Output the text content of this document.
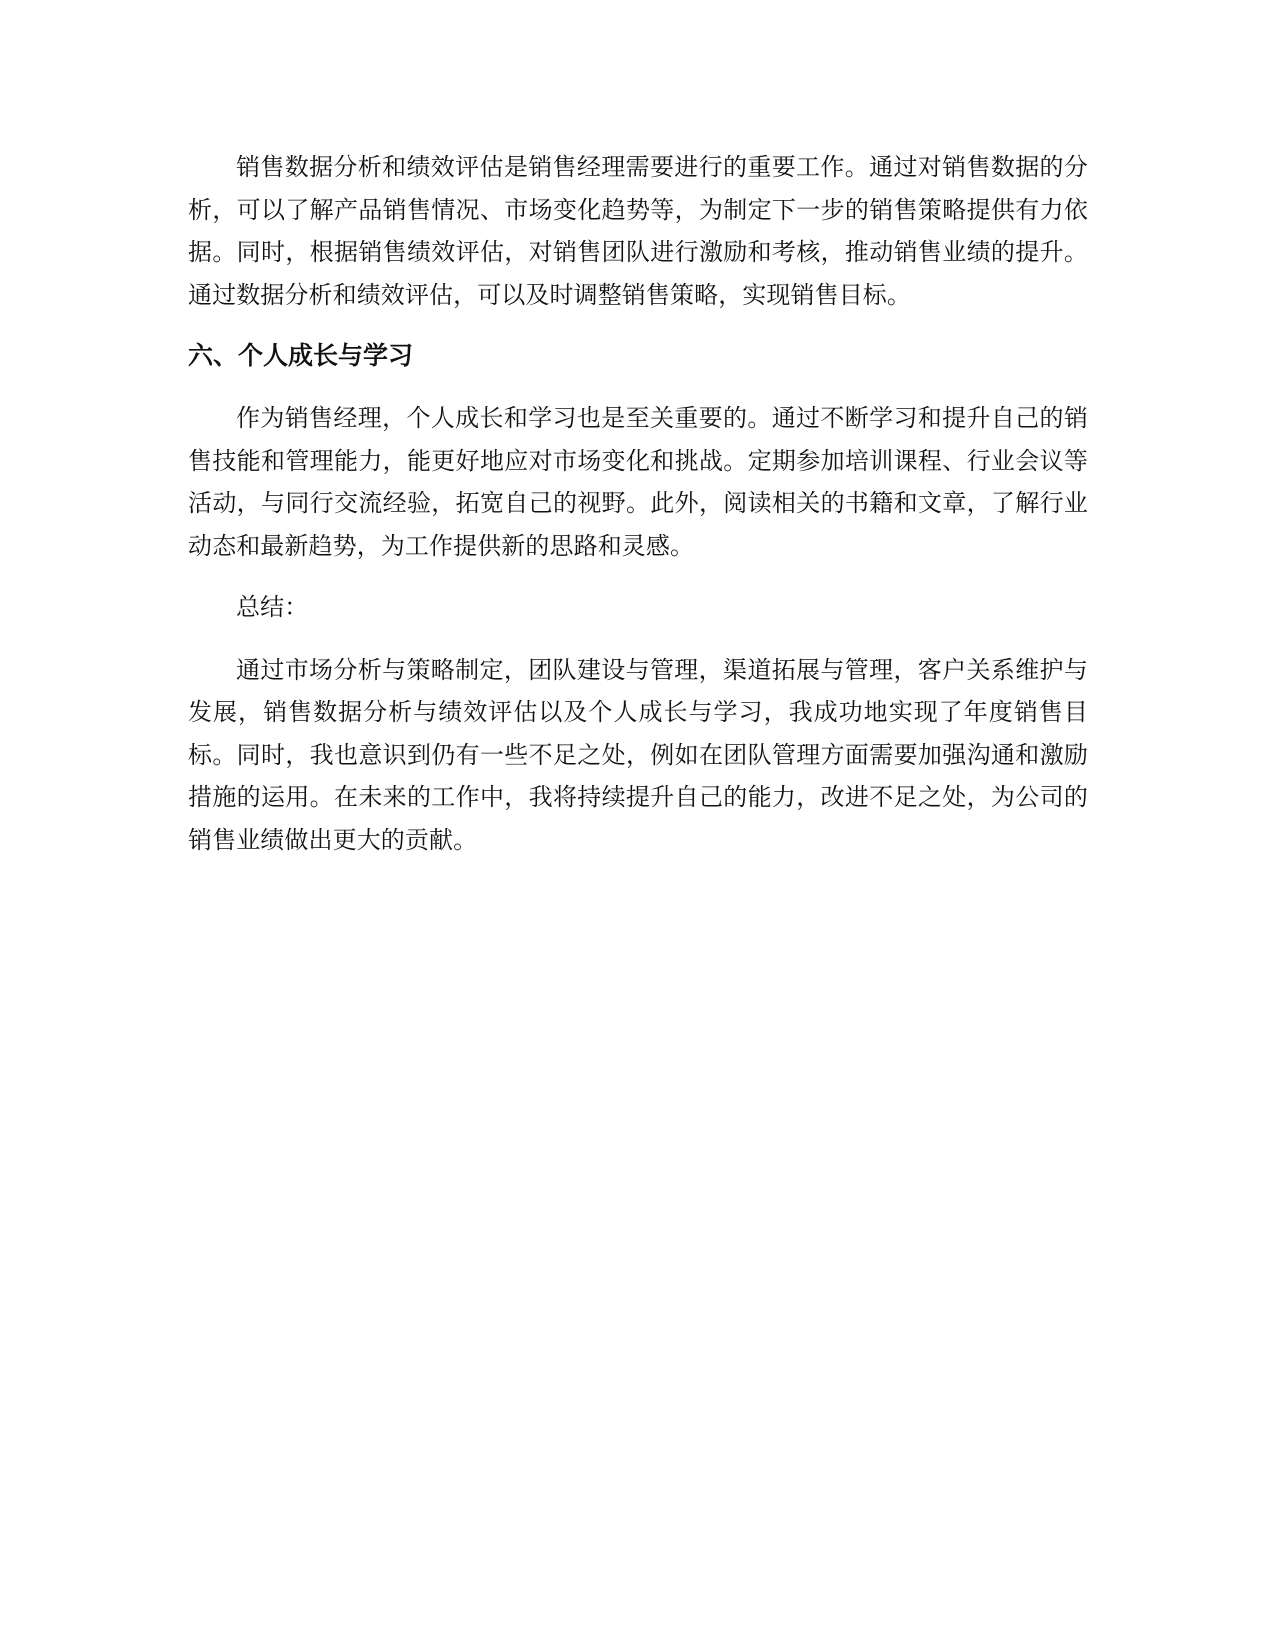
销售数据分析和绩效评估是销售经理需要进行的重要工作。通过对销售数据的分析，可以了解产品销售情况、市场变化趋势等，为制定下一步的销售策略提供有力依据。同时，根据销售绩效评估，对销售团队进行激励和考核，推动销售业绩的提升。通过数据分析和绩效评估，可以及时调整销售策略，实现销售目标。

六、个人成长与学习

作为销售经理，个人成长和学习也是至关重要的。通过不断学习和提升自己的销售技能和管理能力，能更好地应对市场变化和挑战。定期参加培训课程、行业会议等活动，与同行交流经验，拓宽自己的视野。此外，阅读相关的书籍和文章，了解行业动态和最新趋势，为工作提供新的思路和灵感。

总结：

通过市场分析与策略制定，团队建设与管理，渠道拓展与管理，客户关系维护与发展，销售数据分析与绩效评估以及个人成长与学习，我成功地实现了年度销售目标。同时，我也意识到仍有一些不足之处，例如在团队管理方面需要加强沟通和激励措施的运用。在未来的工作中，我将持续提升自己的能力，改进不足之处，为公司的销售业绩做出更大的贡献。
